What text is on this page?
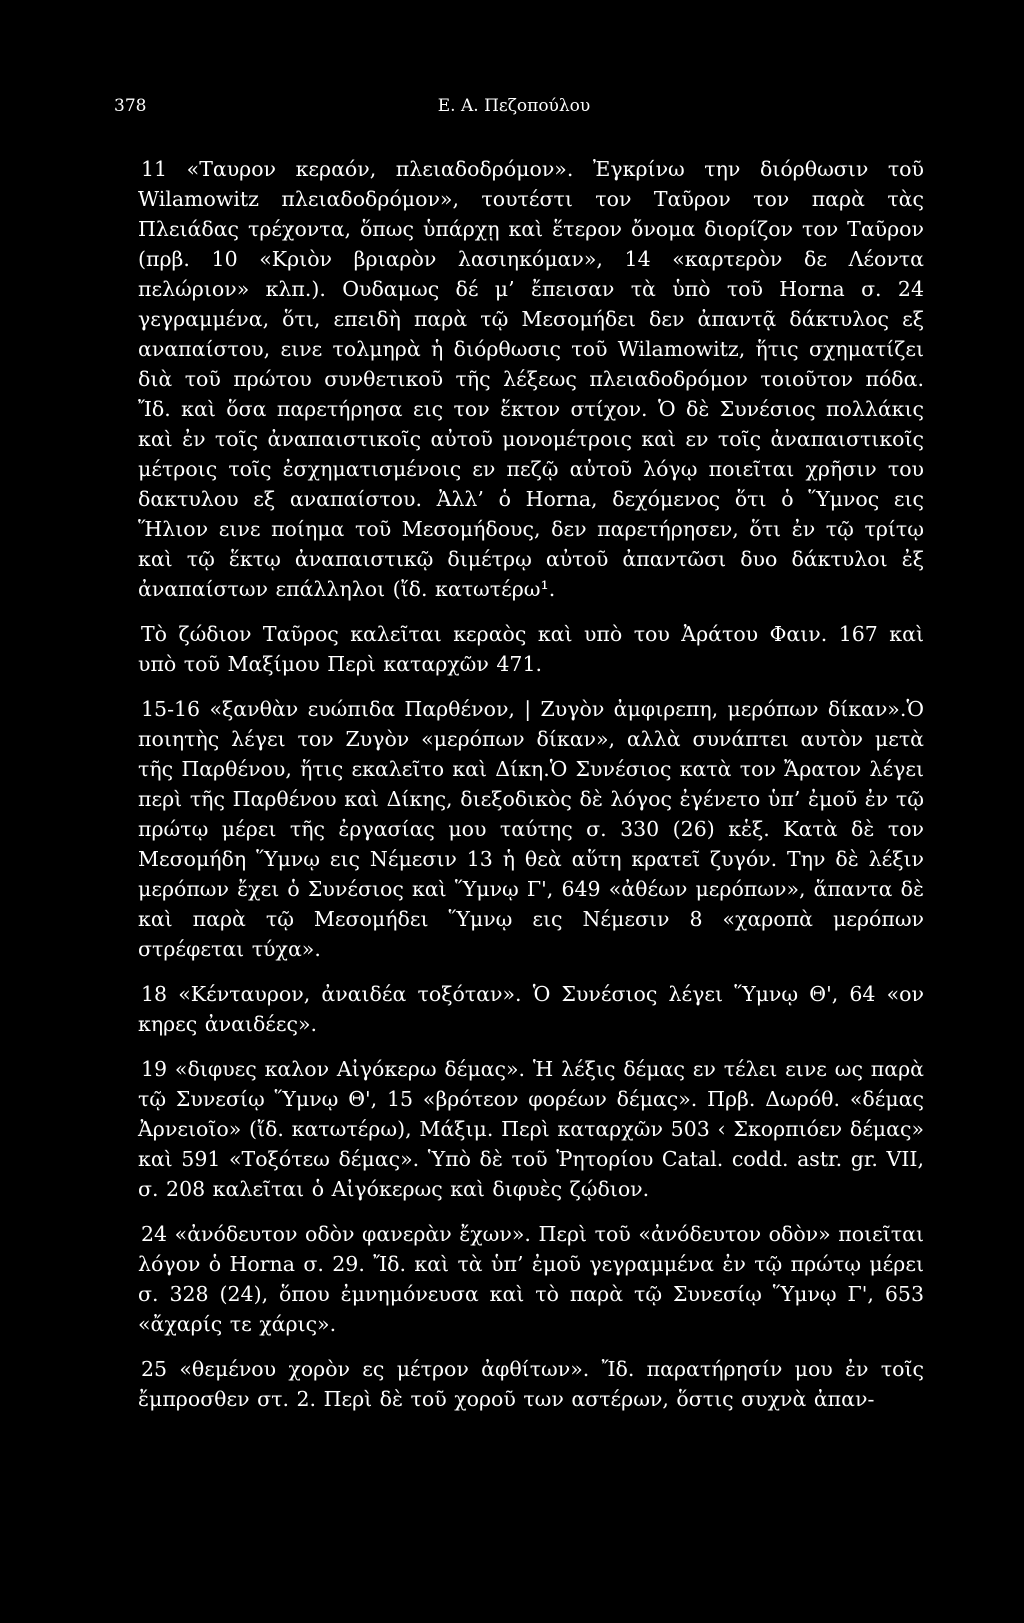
378	Ε. Α. Πεζοπούλου

11 «Ταυρον κεραόν, πλειαδοδρόμον». Ἐγκρίνω την διόρθωσιν τοῦ Wilamowitz πλειαδοδρόμον», τουτέστι τον Ταῦρον τον παρὰ τὰς Πλειάδας τρέχοντα, ὅπως ὑπάρχῃ καὶ ἕτερον ὄνομα διορίζον τον Ταῦρον (πρβ. 10 «Κριὸν βριαρὸν λασιηκόμαν», 14 «καρτερὸν δε Λέοντα πελώριον» κλπ.). Ουδαμως δέ μ’ ἔπεισαν τὰ ὑπὸ τοῦ Horna σ. 24 γεγραμμένα, ὅτι, επειδὴ παρὰ τῷ Μεσομήδει δεν ἀπαντᾷ δάκτυλος εξ αναπαίστου, εινε τολμηρὰ ἡ διόρθωσις τοῦ Wilamowitz, ἥτις σχηματίζει διὰ τοῦ πρώτου συνθετικοῦ τῆς λέξεως πλειαδοδρόμον τοιοῦτον πόδα. Ἴδ. καὶ ὅσα παρετήρησα εις τον ἕκτον στίχον. Ὁ δὲ Συνέσιος πολλάκις καὶ ἐν τοῖς ἀναπαιστικοῖς αὐτοῦ μονομέτροις καὶ εν τοῖς ἀναπαιστικοῖς μέτροις τοῖς ἐσχηματισμένοις εν πεζῷ αὐτοῦ λόγῳ ποιεῖται χρῆσιν του δακτυλου εξ αναπαίστου. Ἀλλ’ ὁ Horna, δεχόμενος ὅτι ὁ Ὕμνος εις Ἥλιον εινε ποίημα τοῦ Μεσομήδους, δεν παρετήρησεν, ὅτι ἐν τῷ τρίτῳ καὶ τῷ ἕκτῳ ἀναπαιστικῷ διμέτρῳ αὐτοῦ ἀπαντῶσι δυο δάκτυλοι ἐξ ἀναπαίστων επάλληλοι (ἴδ. κατωτέρω¹.

Τὸ ζώδιον Ταῦρος καλεῖται κεραὸς καὶ υπὸ του Ἀράτου Φαιν. 167 καὶ υπὸ τοῦ Μαξίμου Περὶ καταρχῶν 471.

15-16 «ξανθὰν ευώπιδα Παρθένον, | Ζυγὸν ἀμφιρεπη, μερόπων δίκαν».Ὁ ποιητὴς λέγει τον Ζυγὸν «μερόπων δίκαν», αλλὰ συνάπτει αυτὸν μετὰ τῆς Παρθένου, ἥτις εκαλεῖτο καὶ Δίκη.Ὁ Συνέσιος κατὰ τον Ἄρατον λέγει περὶ τῆς Παρθένου καὶ Δίκης, διεξοδικὸς δὲ λόγος ἐγένετο ὑπ’ ἐμοῦ ἐν τῷ πρώτῳ μέρει τῆς ἐργασίας μου ταύτης σ. 330 (26) κἑξ. Κατὰ δὲ τον Μεσομήδη Ὕμνῳ εις Νέμεσιν 13 ἡ θεὰ αὕτη κρατεῖ ζυγόν. Την δὲ λέξιν μερόπων ἔχει ὁ Συνέσιος καὶ Ὕμνῳ Γ', 649 «ἀθέων μερόπων», ἅπαντα δὲ καὶ παρὰ τῷ Μεσομήδει Ὕμνῳ εις Νέμεσιν 8 «χαροπὰ μερόπων στρέφεται τύχα».

18 «Κένταυρον, ἀναιδέα τοξόταν». Ὁ Συνέσιος λέγει Ὕμνῳ Θ', 64 «ον κηρες ἀναιδέες».

19 «διφυες καλον Αἰγόκερω δέμας». Ἡ λέξις δέμας εν τέλει εινε ως παρὰ τῷ Συνεσίῳ Ὕμνῳ Θ', 15 «βρότεον φορέων δέμας». Πρβ. Δωρόθ. «δέμας Ἀρνειοῖο» (ἴδ. κατωτέρω), Μάξιμ. Περὶ καταρχῶν 503 ‹ Σκορπιόεν δέμας» καὶ 591 «Τοξότεω δέμας». Ὑπὸ δὲ τοῦ Ῥητορίου Catal. codd. astr. gr. VII, σ. 208 καλεῖται ὁ Αἰγόκερως καὶ διφυὲς ζῴδιον.

24 «ἀνόδευτον οδὸν φανερὰν ἔχων». Περὶ τοῦ «ἀνόδευτον οδὸν» ποιεῖται λόγον ὁ Horna σ. 29. Ἴδ. καὶ τὰ ὑπ’ ἐμοῦ γεγραμμένα ἐν τῷ πρώτῳ μέρει σ. 328 (24), ὅπου ἐμνημόνευσα καὶ τὸ παρὰ τῷ Συνεσίῳ Ὕμνῳ Γ', 653 «ἄχαρίς τε χάρις».

25 «θεμένου χορὸν ες μέτρον ἀφθίτων». Ἴδ. παρατήρησίν μου ἐν τοῖς ἔμπροσθεν στ. 2. Περὶ δὲ τοῦ χοροῦ των αστέρων, ὅστις συχνὰ ἀπαν-
